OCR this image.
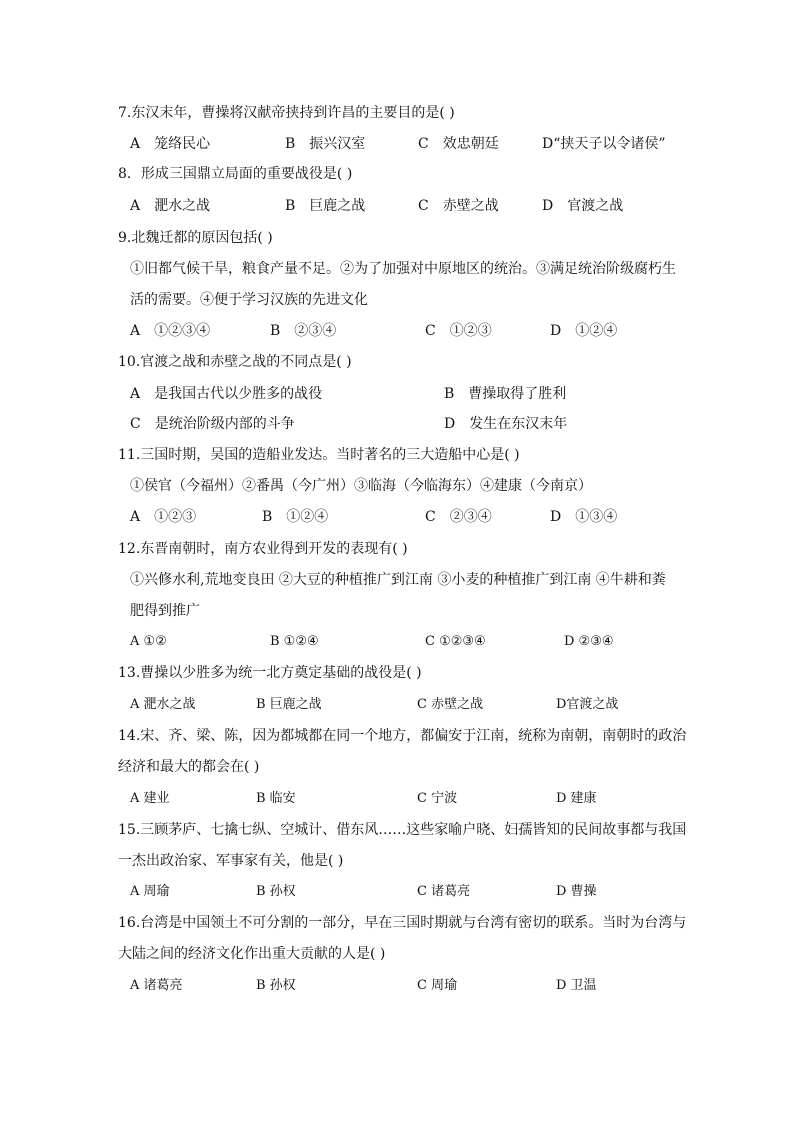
7.东汉末年，曹操将汉献帝挟持到许昌的主要目的是( )
A　笼络民心	B　振兴汉室	C　效忠朝廷	D“挟天子以令诸侯”
8．形成三国鼎立局面的重要战役是( )
A　淝水之战	B　巨鹿之战	C　赤壁之战	D　官渡之战
9.北魏迁都的原因包括( )
①旧都气候干旱，粮食产量不足。②为了加强对中原地区的统治。③满足统治阶级腐朽生
活的需要。④便于学习汉族的先进文化
A　①②③④	B　②③④	C　①②③	D　①②④
10.官渡之战和赤壁之战的不同点是( )
A　是我国古代以少胜多的战役	B　曹操取得了胜利
C　是统治阶级内部的斗争	D　发生在东汉末年
11.三国时期，吴国的造船业发达。当时著名的三大造船中心是( )
①侯官（今福州）②番禺（今广州）③临海（今临海东）④建康（今南京）
A　①②③	B　①②④	C　②③④	D　①③④
12.东晋南朝时，南方农业得到开发的表现有( )
①兴修水利,荒地变良田 ②大豆的种植推广到江南 ③小麦的种植推广到江南 ④牛耕和粪
肥得到推广
A ①②	B ①②④	C ①②③④	D ②③④
13.曹操以少胜多为统一北方奠定基础的战役是( )
A 淝水之战	B 巨鹿之战	C 赤壁之战	D官渡之战
14.宋、齐、梁、陈，因为都城都在同一个地方，都偏安于江南，统称为南朝，南朝时的政治
经济和最大的都会在( )
A 建业	B 临安	C 宁波	D 建康
15.三顾茅庐、七擒七纵、空城计、借东风……这些家喻户晓、妇孺皆知的民间故事都与我国
一杰出政治家、军事家有关，他是( )
A 周瑜	B 孙权	C 诸葛亮	D 曹操
16.台湾是中国领土不可分割的一部分，早在三国时期就与台湾有密切的联系。当时为台湾与
大陆之间的经济文化作出重大贡献的人是( )
A 诸葛亮	B 孙权	C 周瑜	D 卫温
